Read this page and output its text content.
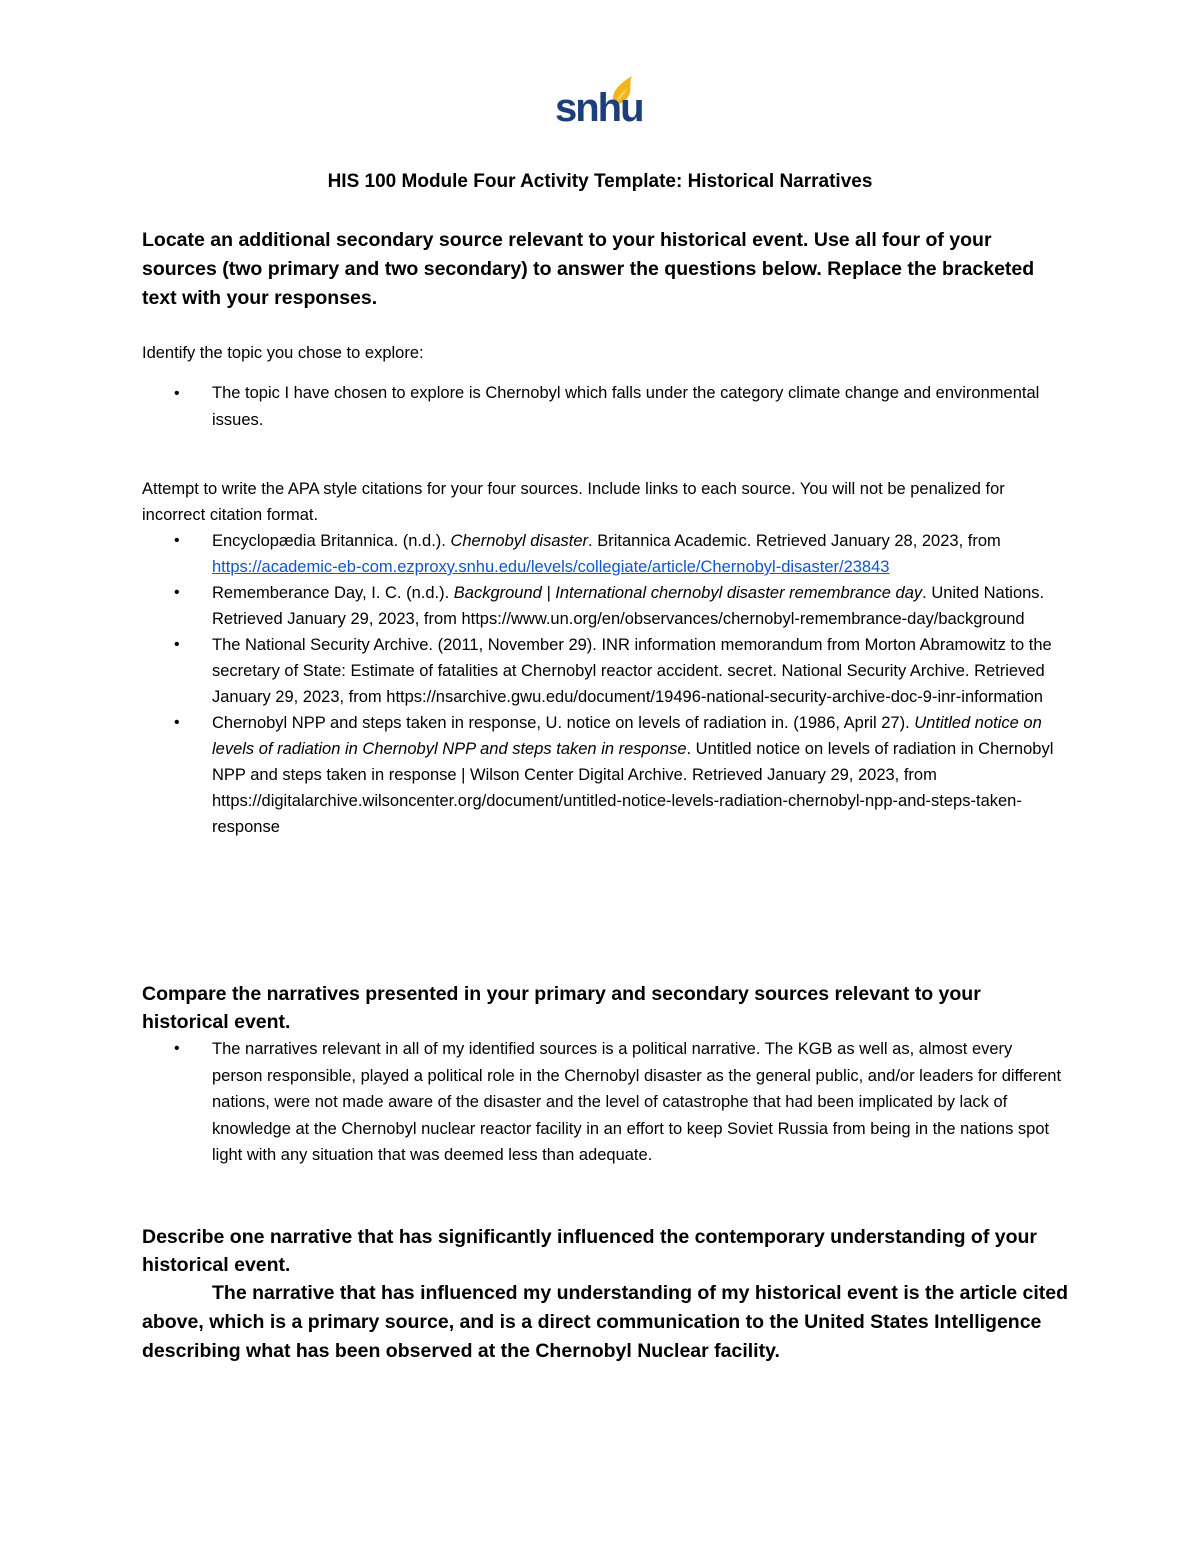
snhu
HIS 100 Module Four Activity Template: Historical Narratives
Locate an additional secondary source relevant to your historical event. Use all four of your sources (two primary and two secondary) to answer the questions below. Replace the bracketed text with your responses.
Identify the topic you chose to explore:
• The topic I have chosen to explore is Chernobyl which falls under the category climate change and environmental issues.
Attempt to write the APA style citations for your four sources. Include links to each source. You will not be penalized for incorrect citation format.
• Encyclopædia Britannica. (n.d.). Chernobyl disaster. Britannica Academic. Retrieved January 28, 2023, from https://academic-eb-com.ezproxy.snhu.edu/levels/collegiate/article/Chernobyl-disaster/23843
• Rememberance Day, I. C. (n.d.). Background | International chernobyl disaster remembrance day. United Nations. Retrieved January 29, 2023, from https://www.un.org/en/observances/chernobyl-remembrance-day/background
• The National Security Archive. (2011, November 29). INR information memorandum from Morton Abramowitz to the secretary of State: Estimate of fatalities at Chernobyl reactor accident. secret. National Security Archive. Retrieved January 29, 2023, from https://nsarchive.gwu.edu/document/19496-national-security-archive-doc-9-inr-information
• Chernobyl NPP and steps taken in response, U. notice on levels of radiation in. (1986, April 27). Untitled notice on levels of radiation in Chernobyl NPP and steps taken in response. Untitled notice on levels of radiation in Chernobyl NPP and steps taken in response | Wilson Center Digital Archive. Retrieved January 29, 2023, from https://digitalarchive.wilsoncenter.org/document/untitled-notice-levels-radiation-chernobyl-npp-and-steps-taken-response
Compare the narratives presented in your primary and secondary sources relevant to your historical event.
• The narratives relevant in all of my identified sources is a political narrative. The KGB as well as, almost every person responsible, played a political role in the Chernobyl disaster as the general public, and/or leaders for different nations, were not made aware of the disaster and the level of catastrophe that had been implicated by lack of knowledge at the Chernobyl nuclear reactor facility in an effort to keep Soviet Russia from being in the nations spot light with any situation that was deemed less than adequate.
Describe one narrative that has significantly influenced the contemporary understanding of your historical event.
The narrative that has influenced my understanding of my historical event is the article cited above, which is a primary source, and is a direct communication to the United States Intelligence describing what has been observed at the Chernobyl Nuclear facility.
